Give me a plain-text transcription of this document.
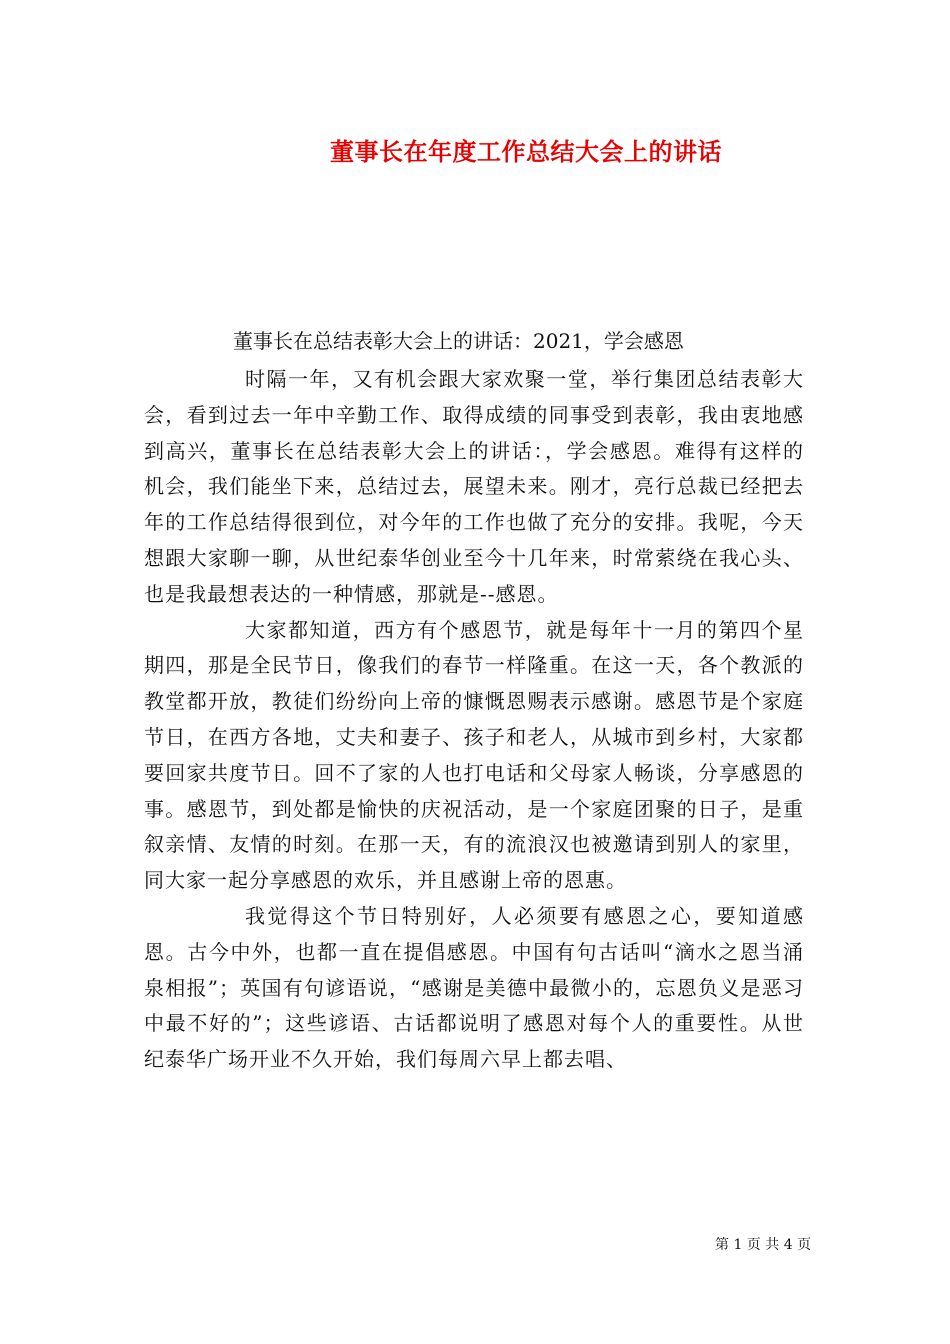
董事长在年度工作总结大会上的讲话
董事长在总结表彰大会上的讲话：2021，学会感恩

时隔一年，又有机会跟大家欢聚一堂，举行集团总结表彰大会，看到过去一年中辛勤工作、取得成绩的同事受到表彰，我由衷地感到高兴，董事长在总结表彰大会上的讲话：，学会感恩。难得有这样的机会，我们能坐下来，总结过去，展望未来。刚才，亮行总裁已经把去年的工作总结得很到位，对今年的工作也做了充分的安排。我呢，今天想跟大家聊一聊，从世纪泰华创业至今十几年来，时常萦绕在我心头、也是我最想表达的一种情感，那就是--感恩。

大家都知道，西方有个感恩节，就是每年十一月的第四个星期四，那是全民节日，像我们的春节一样隆重。在这一天，各个教派的教堂都开放，教徒们纷纷向上帝的慷慨恩赐表示感谢。感恩节是个家庭节日，在西方各地，丈夫和妻子、孩子和老人，从城市到乡村，大家都要回家共度节日。回不了家的人也打电话和父母家人畅谈，分享感恩的事。感恩节，到处都是愉快的庆祝活动，是一个家庭团聚的日子，是重叙亲情、友情的时刻。在那一天，有的流浪汉也被邀请到别人的家里，同大家一起分享感恩的欢乐，并且感谢上帝的恩惠。

我觉得这个节日特别好，人必须要有感恩之心，要知道感恩。古今中外，也都一直在提倡感恩。中国有句古话叫“滴水之恩当涌泉相报”；英国有句谚语说，“感谢是美德中最微小的，忘恩负义是恶习中最不好的”；这些谚语、古话都说明了感恩对每个人的重要性。从世纪泰华广场开业不久开始，我们每周六早上都去唱、

第 1 页 共 4 页
